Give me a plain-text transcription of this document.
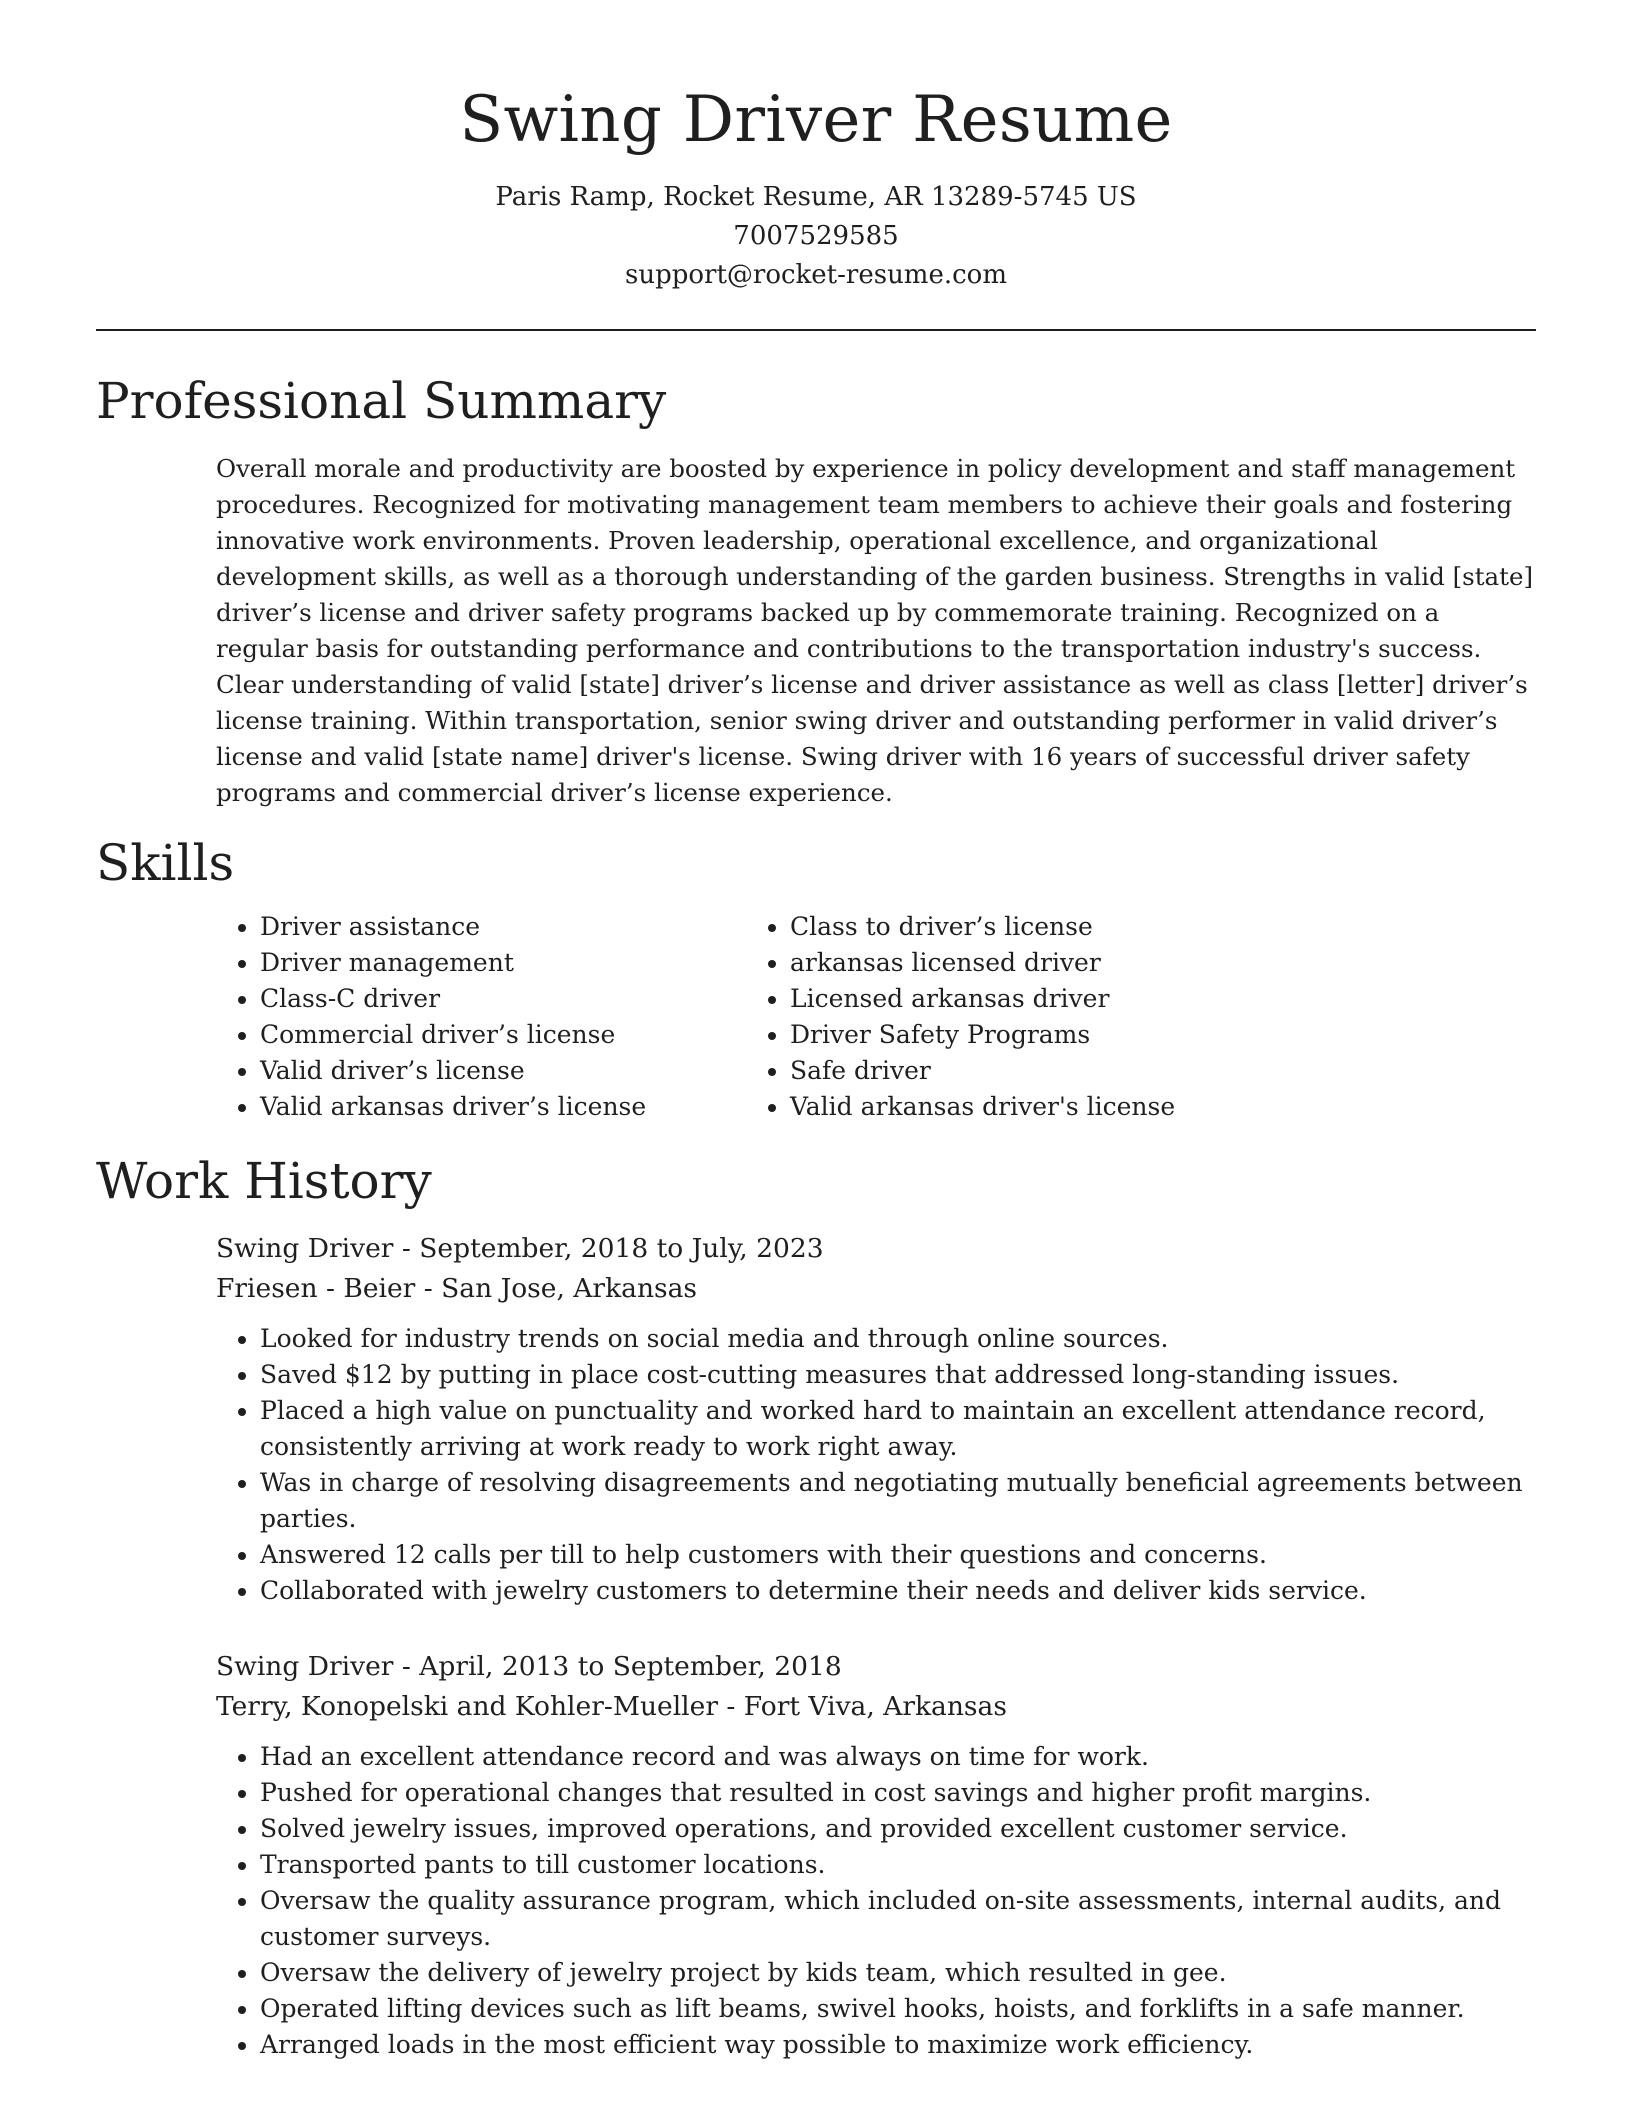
Swing Driver Resume
Paris Ramp, Rocket Resume, AR 13289-5745 US
7007529585
support@rocket-resume.com
Professional Summary
Overall morale and productivity are boosted by experience in policy development and staff management procedures. Recognized for motivating management team members to achieve their goals and fostering innovative work environments. Proven leadership, operational excellence, and organizational development skills, as well as a thorough understanding of the garden business. Strengths in valid [state] driver’s license and driver safety programs backed up by commemorate training. Recognized on a regular basis for outstanding performance and contributions to the transportation industry's success. Clear understanding of valid [state] driver’s license and driver assistance as well as class [letter] driver’s license training. Within transportation, senior swing driver and outstanding performer in valid driver’s license and valid [state name] driver's license. Swing driver with 16 years of successful driver safety programs and commercial driver’s license experience.
Skills
• Driver assistance
• Driver management
• Class-C driver
• Commercial driver’s license
• Valid driver’s license
• Valid arkansas driver’s license
• Class to driver’s license
• arkansas licensed driver
• Licensed arkansas driver
• Driver Safety Programs
• Safe driver
• Valid arkansas driver's license
Work History
Swing Driver - September, 2018 to July, 2023
Friesen - Beier - San Jose, Arkansas
• Looked for industry trends on social media and through online sources.
• Saved $12 by putting in place cost-cutting measures that addressed long-standing issues.
• Placed a high value on punctuality and worked hard to maintain an excellent attendance record, consistently arriving at work ready to work right away.
• Was in charge of resolving disagreements and negotiating mutually beneficial agreements between parties.
• Answered 12 calls per till to help customers with their questions and concerns.
• Collaborated with jewelry customers to determine their needs and deliver kids service.
Swing Driver - April, 2013 to September, 2018
Terry, Konopelski and Kohler-Mueller - Fort Viva, Arkansas
• Had an excellent attendance record and was always on time for work.
• Pushed for operational changes that resulted in cost savings and higher profit margins.
• Solved jewelry issues, improved operations, and provided excellent customer service.
• Transported pants to till customer locations.
• Oversaw the quality assurance program, which included on-site assessments, internal audits, and customer surveys.
• Oversaw the delivery of jewelry project by kids team, which resulted in gee.
• Operated lifting devices such as lift beams, swivel hooks, hoists, and forklifts in a safe manner.
• Arranged loads in the most efficient way possible to maximize work efficiency.
